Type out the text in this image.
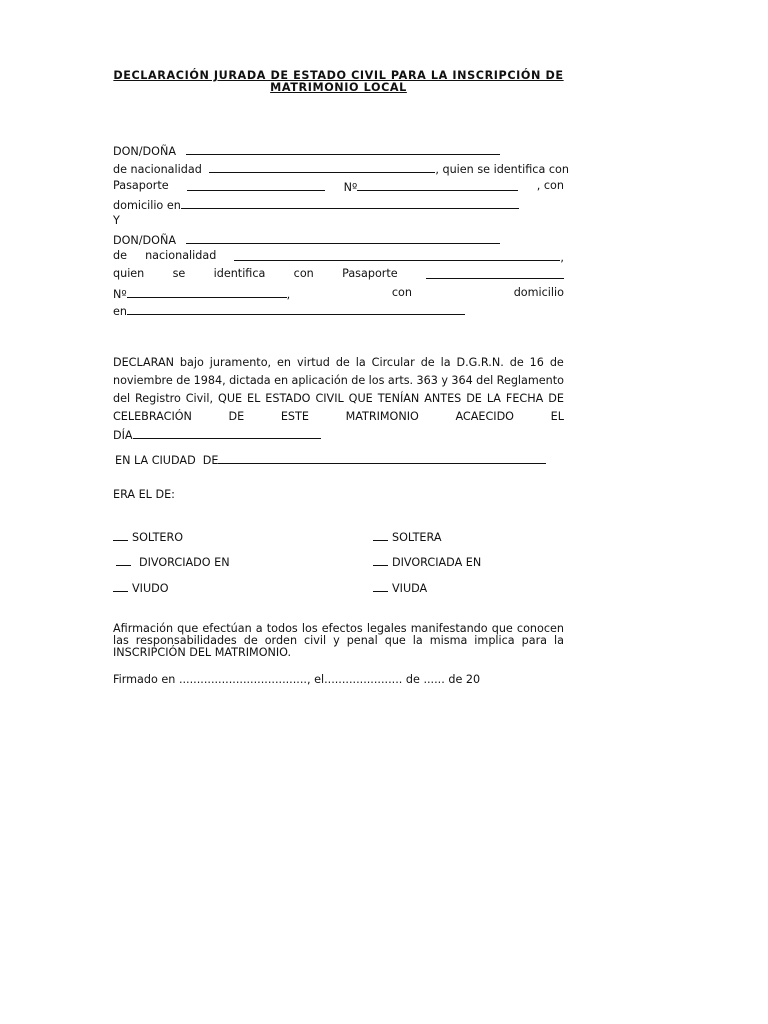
DECLARACIÓN JURADA DE ESTADO CIVIL PARA LA INSCRIPCIÓN DE
MATRIMONIO LOCAL
DON/DOÑA
de nacionalidad	, quien se identifica con
Pasaporte	Nº	, con
domicilio en
Y
DON/DOÑA
de nacionalidad	,
quien	se	identifica	con	Pasaporte
Nº	,	con	domicilio
en
DECLARAN bajo juramento, en virtud de la Circular de la D.G.R.N. de 16 de
noviembre de 1984, dictada en aplicación de los arts. 363 y 364 del Reglamento
del Registro Civil, QUE EL ESTADO CIVIL QUE TENÍAN ANTES DE LA FECHA DE
CELEBRACIÓN	DE	ESTE	MATRIMONIO	ACAECIDO	EL
DÍA
EN LA CIUDAD  DE
ERA EL DE:
SOLTERO	SOLTERA
DIVORCIADO EN	DIVORCIADA EN
VIUDO	VIUDA
Afirmación que efectúan a todos los efectos legales manifestando que conocen las responsabilidades de orden civil y penal que la misma implica para la INSCRIPCIÓN DEL MATRIMONIO.
Firmado en ...................................., el...................... de ...... de 20
